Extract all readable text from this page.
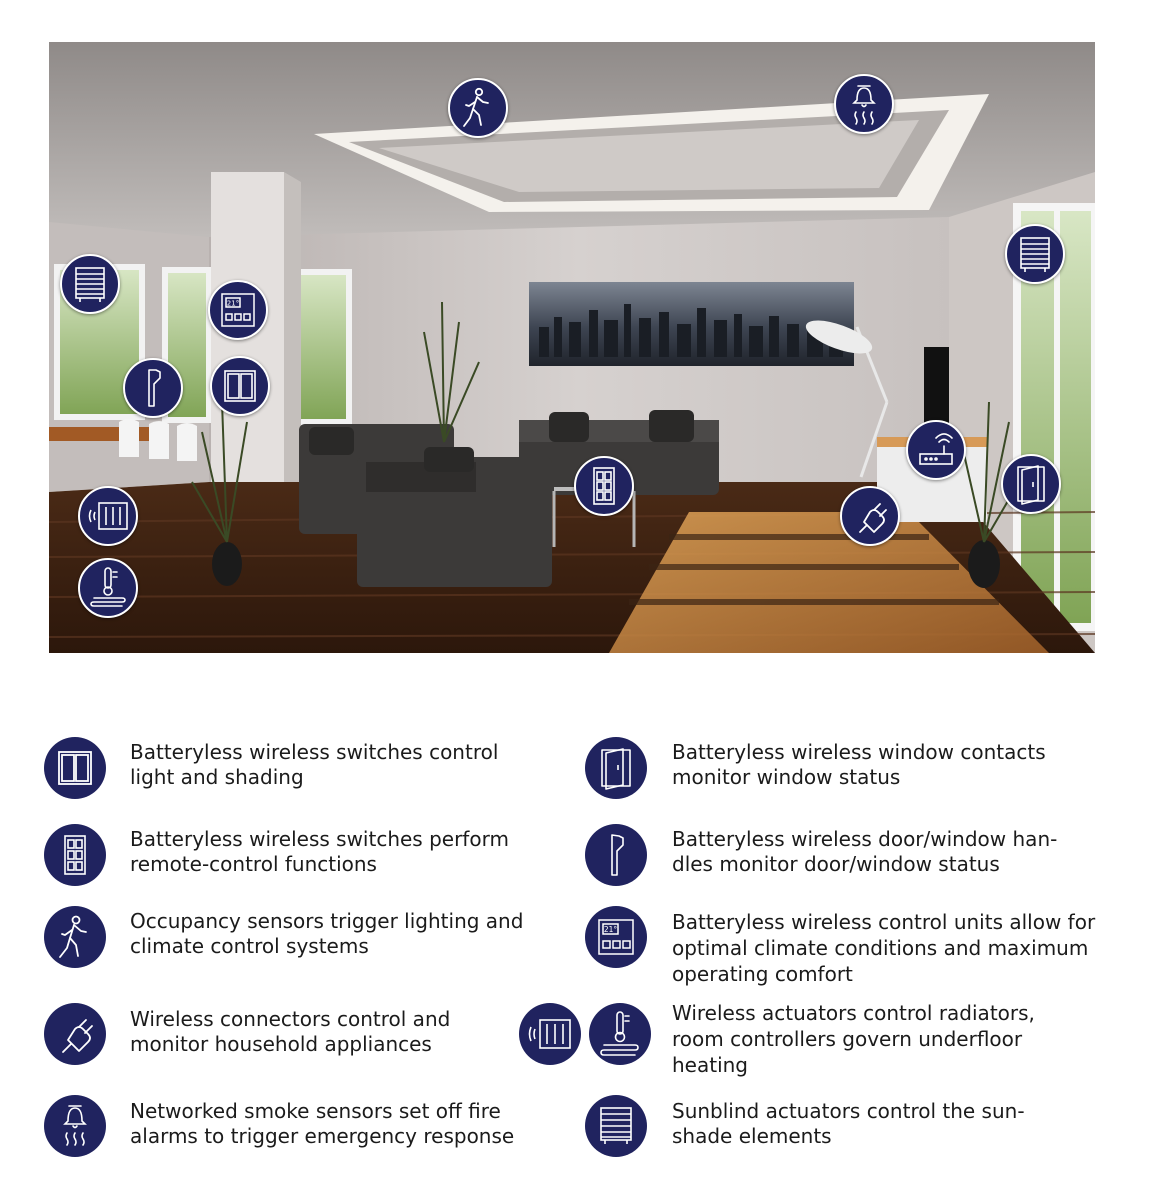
21°
Batteryless wireless switches control
light and shading
Batteryless wireless switches perform
remote-control functions
Occupancy sensors trigger lighting and
climate control systems
Wireless connectors control and
monitor household appliances
Networked smoke sensors set off fire
alarms to trigger emergency response
Batteryless wireless window contacts
monitor window status
Batteryless wireless door/window han-
dles monitor door/window status
21°	Batteryless wireless control units allow for
optimal climate conditions and maximum
operating comfort
Wireless actuators control radiators,
room controllers govern underfloor
heating
Sunblind actuators control the sun-
shade elements
